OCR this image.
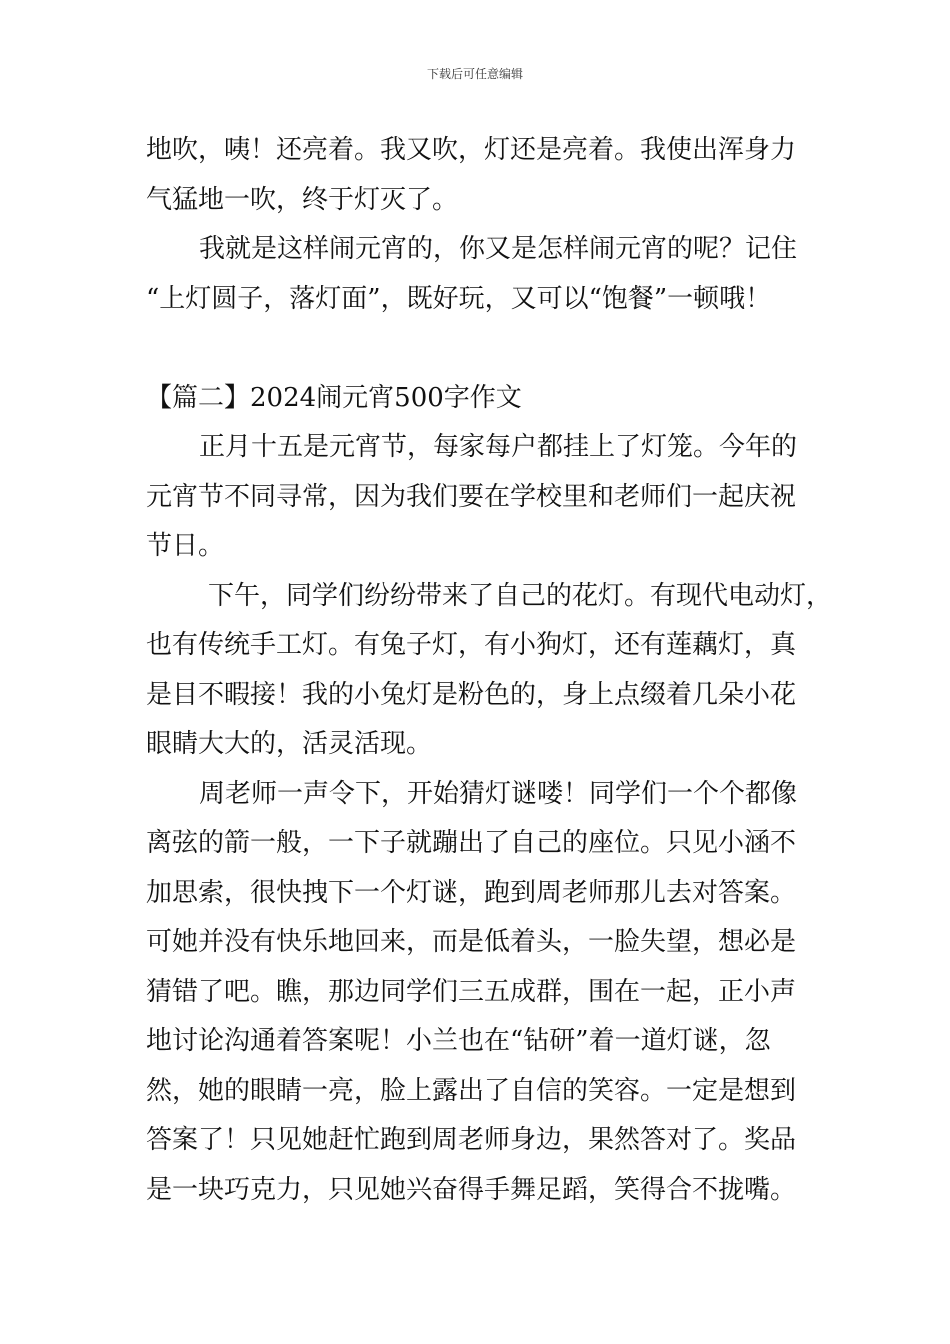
下载后可任意编辑
地吹，咦！还亮着。我又吹，灯还是亮着。我使出浑身力
气猛地一吹，终于灯灭了。
我就是这样闹元宵的，你又是怎样闹元宵的呢？记住
“上灯圆子，落灯面”，既好玩，又可以“饱餐”一顿哦！
【篇二】2024闹元宵500字作文
正月十五是元宵节，每家每户都挂上了灯笼。今年的
元宵节不同寻常，因为我们要在学校里和老师们一起庆祝
节日。
下午，同学们纷纷带来了自己的花灯。有现代电动灯，
也有传统手工灯。有兔子灯，有小狗灯，还有莲藕灯，真
是目不暇接！我的小兔灯是粉色的，身上点缀着几朵小花
眼睛大大的，活灵活现。
周老师一声令下，开始猜灯谜喽！同学们一个个都像
离弦的箭一般，一下子就蹦出了自己的座位。只见小涵不
加思索，很快拽下一个灯谜，跑到周老师那儿去对答案。
可她并没有快乐地回来，而是低着头，一脸失望，想必是
猜错了吧。瞧，那边同学们三五成群，围在一起，正小声
地讨论沟通着答案呢！小兰也在“钻研”着一道灯谜，忽
然，她的眼睛一亮，脸上露出了自信的笑容。一定是想到
答案了！只见她赶忙跑到周老师身边，果然答对了。奖品
是一块巧克力，只见她兴奋得手舞足蹈，笑得合不拢嘴。
